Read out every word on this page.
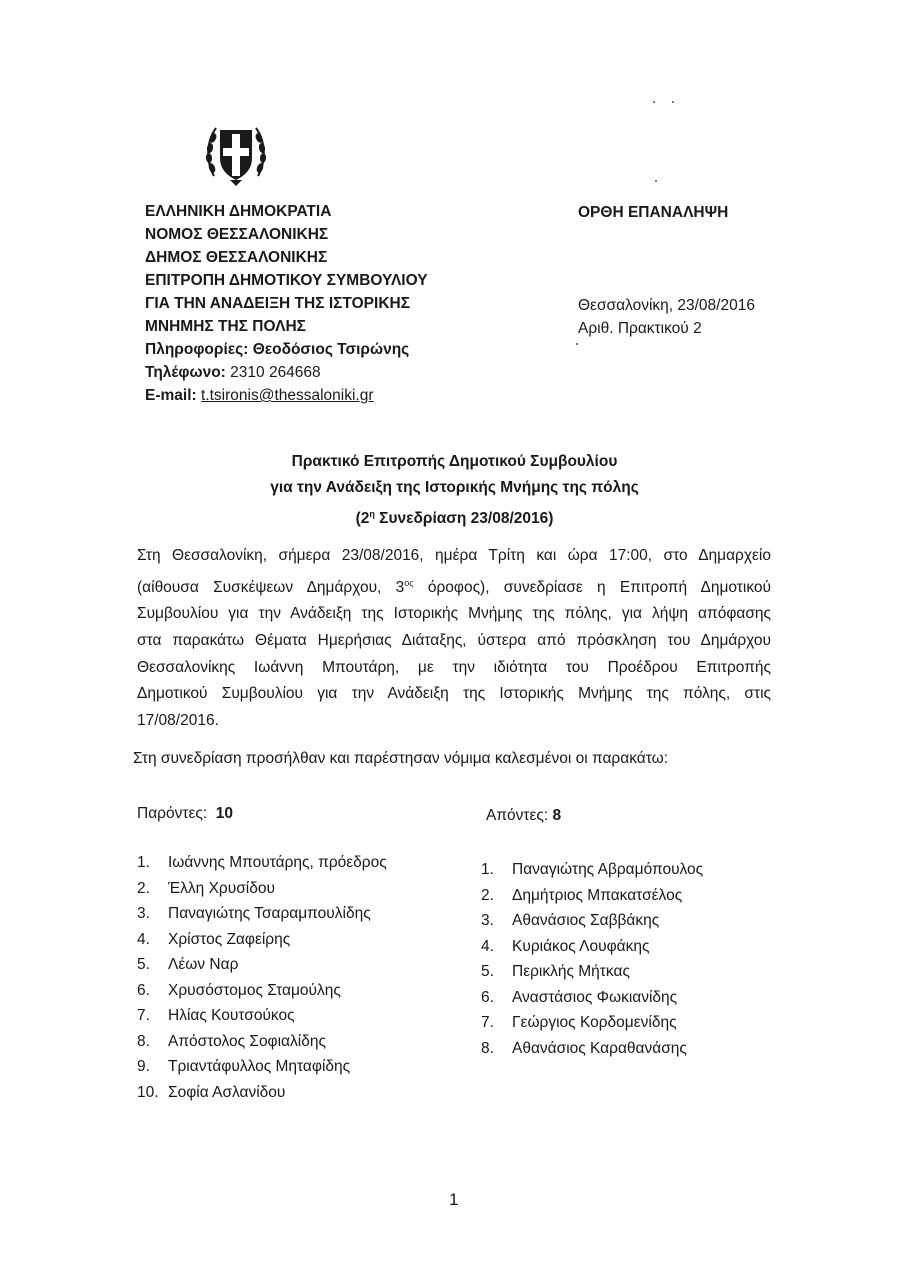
ΕΛΛΗΝΙΚΗ ΔΗΜΟΚΡΑΤΙΑ
ΝΟΜΟΣ ΘΕΣΣΑΛΟΝΙΚΗΣ
ΔΗΜΟΣ ΘΕΣΣΑΛΟΝΙΚΗΣ
ΕΠΙΤΡΟΠΗ ΔΗΜΟΤΙΚΟΥ ΣΥΜΒΟΥΛΙΟΥ
ΓΙΑ ΤΗΝ ΑΝΑΔΕΙΞΗ ΤΗΣ ΙΣΤΟΡΙΚΗΣ
ΜΝΗΜΗΣ ΤΗΣ ΠΟΛΗΣ
Πληροφορίες: Θεοδόσιος Τσιρώνης
Τηλέφωνο: 2310 264668
E-mail: t.tsironis@thessaloniki.gr
ΟΡΘΗ ΕΠΑΝΑΛΗΨΗ
Θεσσαλονίκη, 23/08/2016
Αριθ. Πρακτικού 2
Πρακτικό Επιτροπής Δημοτικού Συμβουλίου
για την Ανάδειξη της Ιστορικής Μνήμης της πόλης
($2^\eta$ Συνεδρίαση 23/08/2016)
Στη Θεσσαλονίκη, σήμερα 23/08/2016, ημέρα Τρίτη και ώρα 17:00, στο Δημαρχείο
(αίθουσα Συσκέψεων Δημάρχου, $3^{o\varsigma}$ όροφος), συνεδρίασε η Επιτροπή Δημοτικού
Συμβουλίου για την Ανάδειξη της Ιστορικής Μνήμης της πόλης, για λήψη απόφασης
στα παρακάτω Θέματα Ημερήσιας Διάταξης, ύστερα από πρόσκληση του Δημάρχου
Θεσσαλονίκης Ιωάννη Μπουτάρη, με την ιδιότητα του Προέδρου Επιτροπής
Δημοτικού Συμβουλίου για την Ανάδειξη της Ιστορικής Μνήμης της πόλης, στις
17/08/2016.
Στη συνεδρίαση προσήλθαν και παρέστησαν νόμιμα καλεσμένοι οι παρακάτω:
Παρόντες: 10	Απόντες: 8
1.	Ιωάννης Μπουτάρης, πρόεδρος
2.	Έλλη Χρυσίδου
3.	Παναγιώτης Τσαραμπουλίδης
4.	Χρίστος Ζαφείρης
5.	Λέων Ναρ
6.	Χρυσόστομος Σταμούλης
7.	Ηλίας Κουτσούκος
8.	Απόστολος Σοφιαλίδης
9.	Τριαντάφυλλος Μηταφίδης
10. Σοφία Ασλανίδου
1.	Παναγιώτης Αβραμόπουλος
2.	Δημήτριος Μπακατσέλος
3.	Αθανάσιος Σαββάκης
4.	Κυριάκος Λουφάκης
5.	Περικλής Μήτκας
6.	Αναστάσιος Φωκιανίδης
7.	Γεώργιος Κορδομενίδης
8.	Αθανάσιος Καραθανάσης
1
